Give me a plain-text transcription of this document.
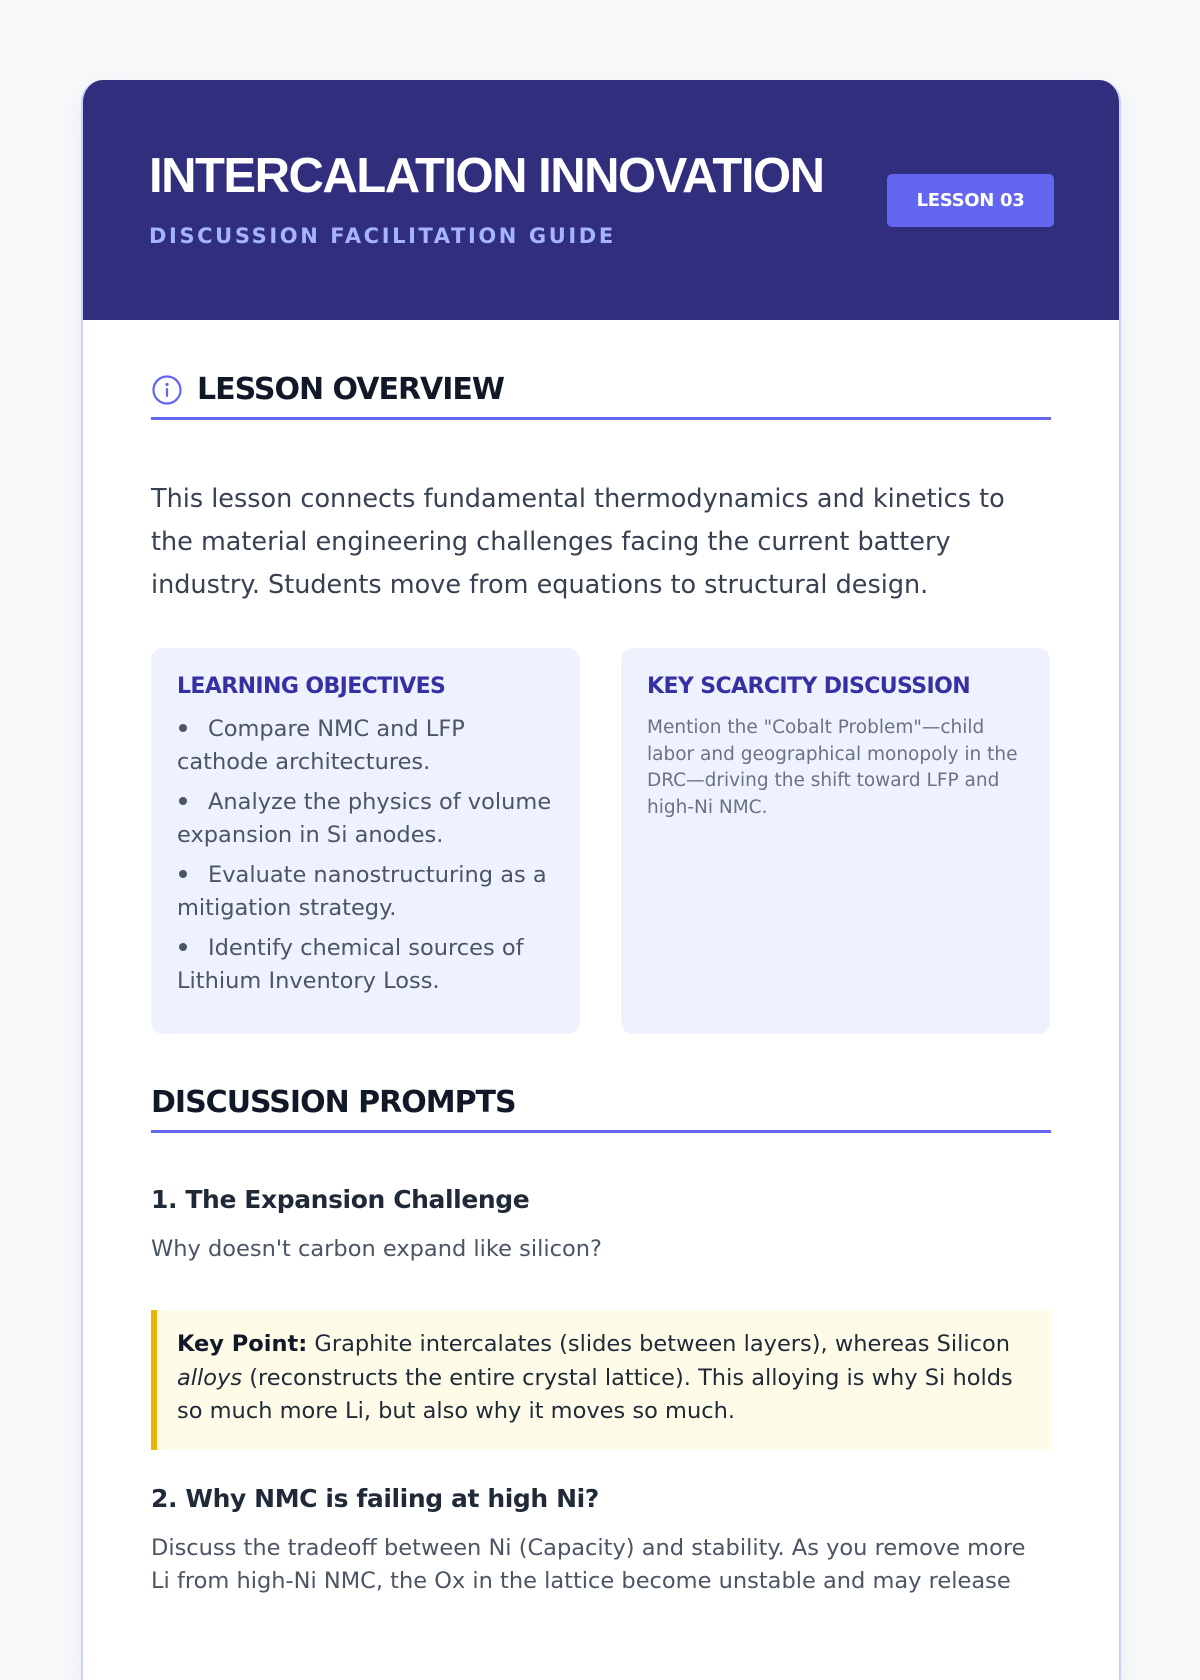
INTERCALATION INNOVATION
DISCUSSION FACILITATION GUIDE
LESSON 03
LESSON OVERVIEW

This lesson connects fundamental thermodynamics and kinetics to the material engineering challenges facing the current battery industry. Students move from equations to structural design.

LEARNING OBJECTIVES
Compare NMC and LFP cathode architectures.
Analyze the physics of volume expansion in Si anodes.
Evaluate nanostructuring as a mitigation strategy.
Identify chemical sources of Lithium Inventory Loss.
KEY SCARCITY DISCUSSION

Mention the "Cobalt Problem"—child labor and geographical monopoly in the DRC—driving the shift toward LFP and high-Ni NMC.

DISCUSSION PROMPTS
1. The Expansion Challenge

Why doesn't carbon expand like silicon?

Key Point: Graphite intercalates (slides between layers), whereas Silicon alloys (reconstructs the entire crystal lattice). This alloying is why Si holds so much more Li, but also why it moves so much.
2. Why NMC is failing at high Ni?

Discuss the tradeoff between Ni (Capacity) and stability. As you remove more Li from high-Ni NMC, the Ox in the lattice become unstable and may release
